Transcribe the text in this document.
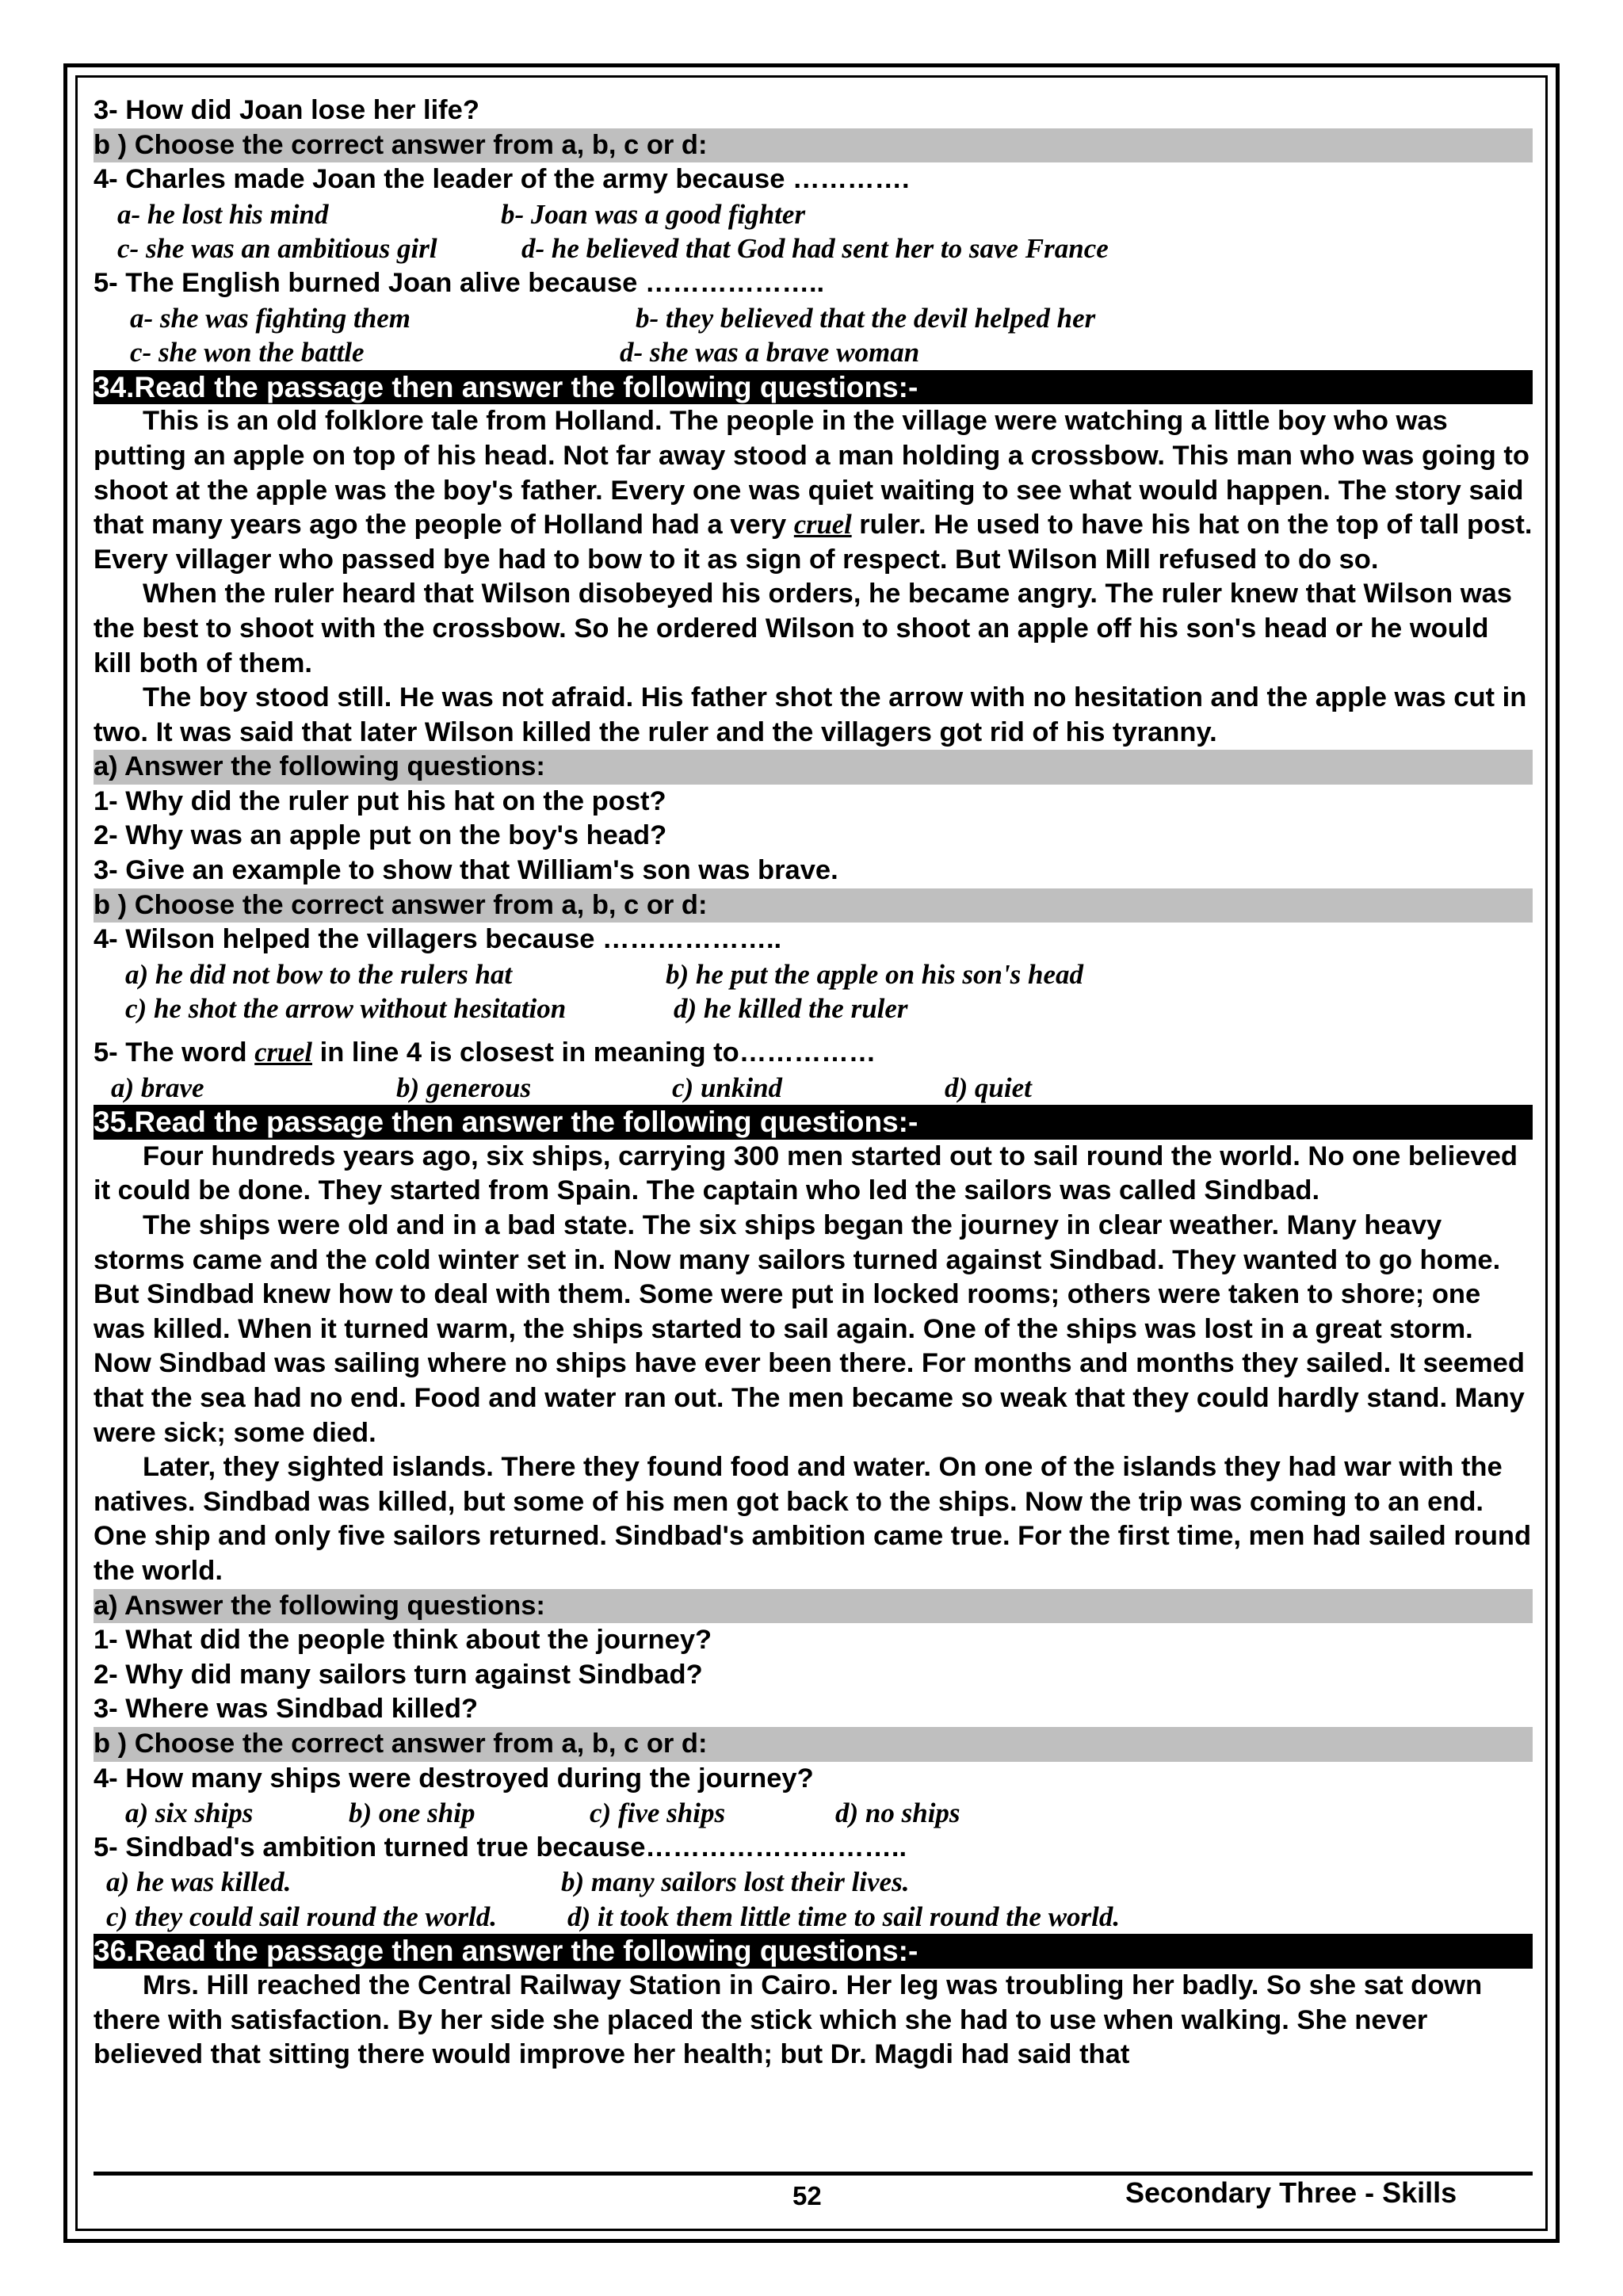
3- How did Joan lose her life?
b ) Choose the correct answer from a, b, c or d:
4- Charles made Joan the leader of the army because ………….
a- he lost his mind	b- Joan was a good fighter
c- she was an ambitious girl	d- he believed that God had sent her to save France
5- The English burned Joan alive because ………………..
a- she was fighting them	b- they believed that the devil helped her
c- she won the battle	d- she was a brave woman
34.Read the passage then answer the following questions:-

This is an old folklore tale from Holland. The people in the village were watching a little boy who was putting an apple on top of his head. Not far away stood a man holding a crossbow. This man who was going to shoot at the apple was the boy's father. Every one was quiet waiting to see what would happen. The story said that many years ago the people of Holland had a very cruel ruler. He used to have his hat on the top of tall post. Every villager who passed bye had to bow to it as sign of respect. But Wilson Mill refused to do so.

When the ruler heard that Wilson disobeyed his orders, he became angry. The ruler knew that Wilson was the best to shoot with the crossbow. So he ordered Wilson to shoot an apple off his son's head or he would kill both of them.

The boy stood still. He was not afraid. His father shot the arrow with no hesitation and the apple was cut in two. It was said that later Wilson killed the ruler and the villagers got rid of his tyranny.

a) Answer the following questions:
1- Why did the ruler put his hat on the post?
2- Why was an apple put on the boy's head?
3- Give an example to show that William's son was brave.
b ) Choose the correct answer from a, b, c or d:
4- Wilson helped the villagers because ………………..
a) he did not bow to the rulers hat	b) he put the apple on his son's head
c) he shot the arrow without hesitation	d) he killed the ruler
5- The word cruel in line 4 is closest in meaning to……………
a) brave	b) generous	c) unkind	d) quiet
35.Read the passage then answer the following questions:-

Four hundreds years ago, six ships, carrying 300 men started out to sail round the world. No one believed it could be done. They started from Spain. The captain who led the sailors was called Sindbad.

The ships were old and in a bad state. The six ships began the journey in clear weather. Many heavy storms came and the cold winter set in. Now many sailors turned against Sindbad. They wanted to go home. But Sindbad knew how to deal with them. Some were put in locked rooms; others were taken to shore; one was killed. When it turned warm, the ships started to sail again. One of the ships was lost in a great storm. Now Sindbad was sailing where no ships have ever been there. For months and months they sailed. It seemed that the sea had no end. Food and water ran out. The men became so weak that they could hardly stand. Many were sick; some died.

Later, they sighted islands. There they found food and water. On one of the islands they had war with the natives. Sindbad was killed, but some of his men got back to the ships. Now the trip was coming to an end. One ship and only five sailors returned. Sindbad's ambition came true. For the first time, men had sailed round the world.

a) Answer the following questions:
1- What did the people think about the journey?
2- Why did many sailors turn against Sindbad?
3- Where was Sindbad killed?
b ) Choose the correct answer from a, b, c or d:
4- How many ships were destroyed during the journey?
a) six ships	b) one ship	c) five ships	d) no ships
5- Sindbad's ambition turned true because………………………..
a) he was killed.	b) many sailors lost their lives.
c) they could sail round the world.	d) it took them little time to sail round the world.
36.Read the passage then answer the following questions:-

Mrs. Hill reached the Central Railway Station in Cairo. Her leg was troubling her badly. So she sat down there with satisfaction. By her side she placed the stick which she had to use when walking. She never believed that sitting there would improve her health; but Dr. Magdi had said that

52	Secondary Three - Skills
